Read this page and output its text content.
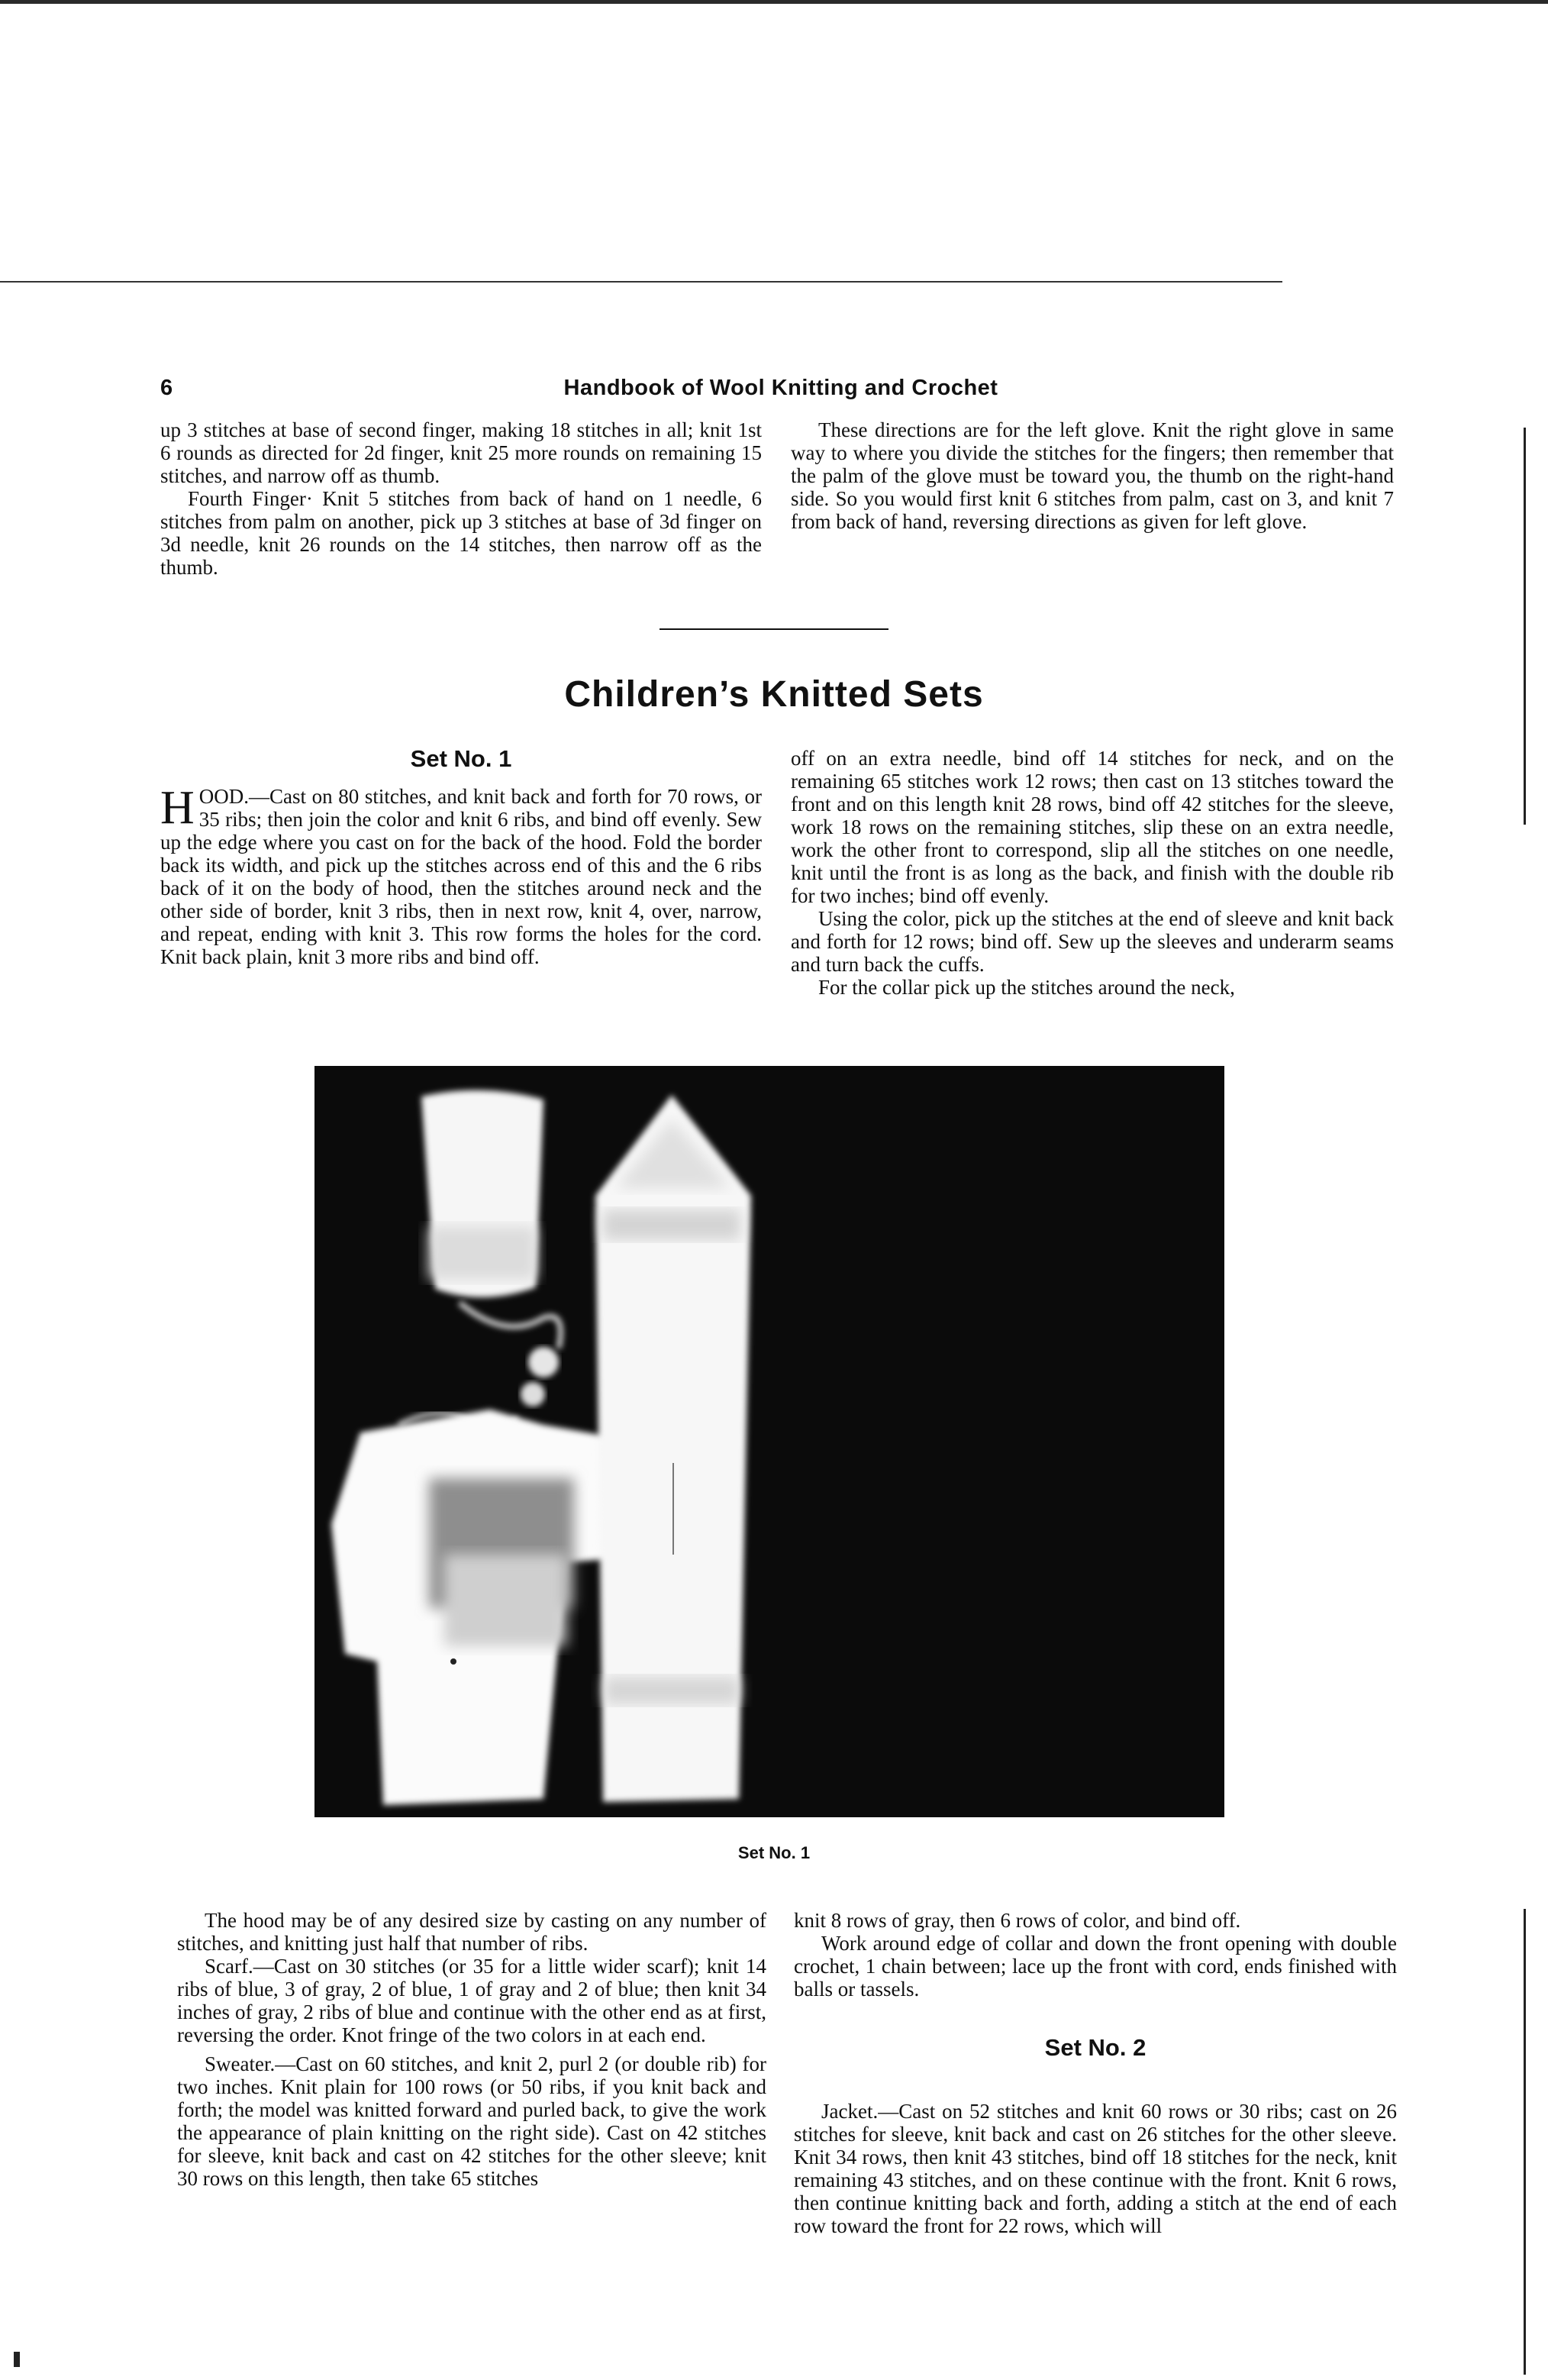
6	Handbook of Wool Knitting and Crochet

up 3 stitches at base of second finger, making 18 stitches in all; knit 1st 6 rounds as directed for 2d finger, knit 25 more rounds on remaining 15 stitches, and narrow off as thumb.

Fourth Finger· Knit 5 stitches from back of hand on 1 needle, 6 stitches from palm on another, pick up 3 stitches at base of 3d finger on 3d needle, knit 26 rounds on the 14 stitches, then narrow off as the thumb.

These directions are for the left glove. Knit the right glove in same way to where you divide the stitches for the fingers; then remember that the palm of the glove must be toward you, the thumb on the right-hand side. So you would first knit 6 stitches from palm, cast on 3, and knit 7 from back of hand, reversing directions as given for left glove.

Children’s Knitted Sets
Set No. 1

HOOD.—Cast on 80 stitches, and knit back and forth for 70 rows, or 35 ribs; then join the color and knit 6 ribs, and bind off evenly. Sew up the edge where you cast on for the back of the hood. Fold the border back its width, and pick up the stitches across end of this and the 6 ribs back of it on the body of hood, then the stitches around neck and the other side of border, knit 3 ribs, then in next row, knit 4, over, narrow, and repeat, ending with knit 3. This row forms the holes for the cord. Knit back plain, knit 3 more ribs and bind off.

off on an extra needle, bind off 14 stitches for neck, and on the remaining 65 stitches work 12 rows; then cast on 13 stitches toward the front and on this length knit 28 rows, bind off 42 stitches for the sleeve, work 18 rows on the remaining stitches, slip these on an extra needle, work the other front to correspond, slip all the stitches on one needle, knit until the front is as long as the back, and finish with the double rib for two inches; bind off evenly.

Using the color, pick up the stitches at the end of sleeve and knit back and forth for 12 rows; bind off. Sew up the sleeves and underarm seams and turn back the cuffs.

For the collar pick up the stitches around the neck,

Set No. 1

The hood may be of any desired size by casting on any number of stitches, and knitting just half that number of ribs.

Scarf.—Cast on 30 stitches (or 35 for a little wider scarf); knit 14 ribs of blue, 3 of gray, 2 of blue, 1 of gray and 2 of blue; then knit 34 inches of gray, 2 ribs of blue and continue with the other end as at first, reversing the order. Knot fringe of the two colors in at each end.

Sweater.—Cast on 60 stitches, and knit 2, purl 2 (or double rib) for two inches. Knit plain for 100 rows (or 50 ribs, if you knit back and forth; the model was knitted forward and purled back, to give the work the appearance of plain knitting on the right side). Cast on 42 stitches for sleeve, knit back and cast on 42 stitches for the other sleeve; knit 30 rows on this length, then take 65 stitches

knit 8 rows of gray, then 6 rows of color, and bind off.

Work around edge of collar and down the front opening with double crochet, 1 chain between; lace up the front with cord, ends finished with balls or tassels.

Set No. 2

Jacket.—Cast on 52 stitches and knit 60 rows or 30 ribs; cast on 26 stitches for sleeve, knit back and cast on 26 stitches for the other sleeve. Knit 34 rows, then knit 43 stitches, bind off 18 stitches for the neck, knit remaining 43 stitches, and on these continue with the front. Knit 6 rows, then continue knitting back and forth, adding a stitch at the end of each row toward the front for 22 rows, which will
